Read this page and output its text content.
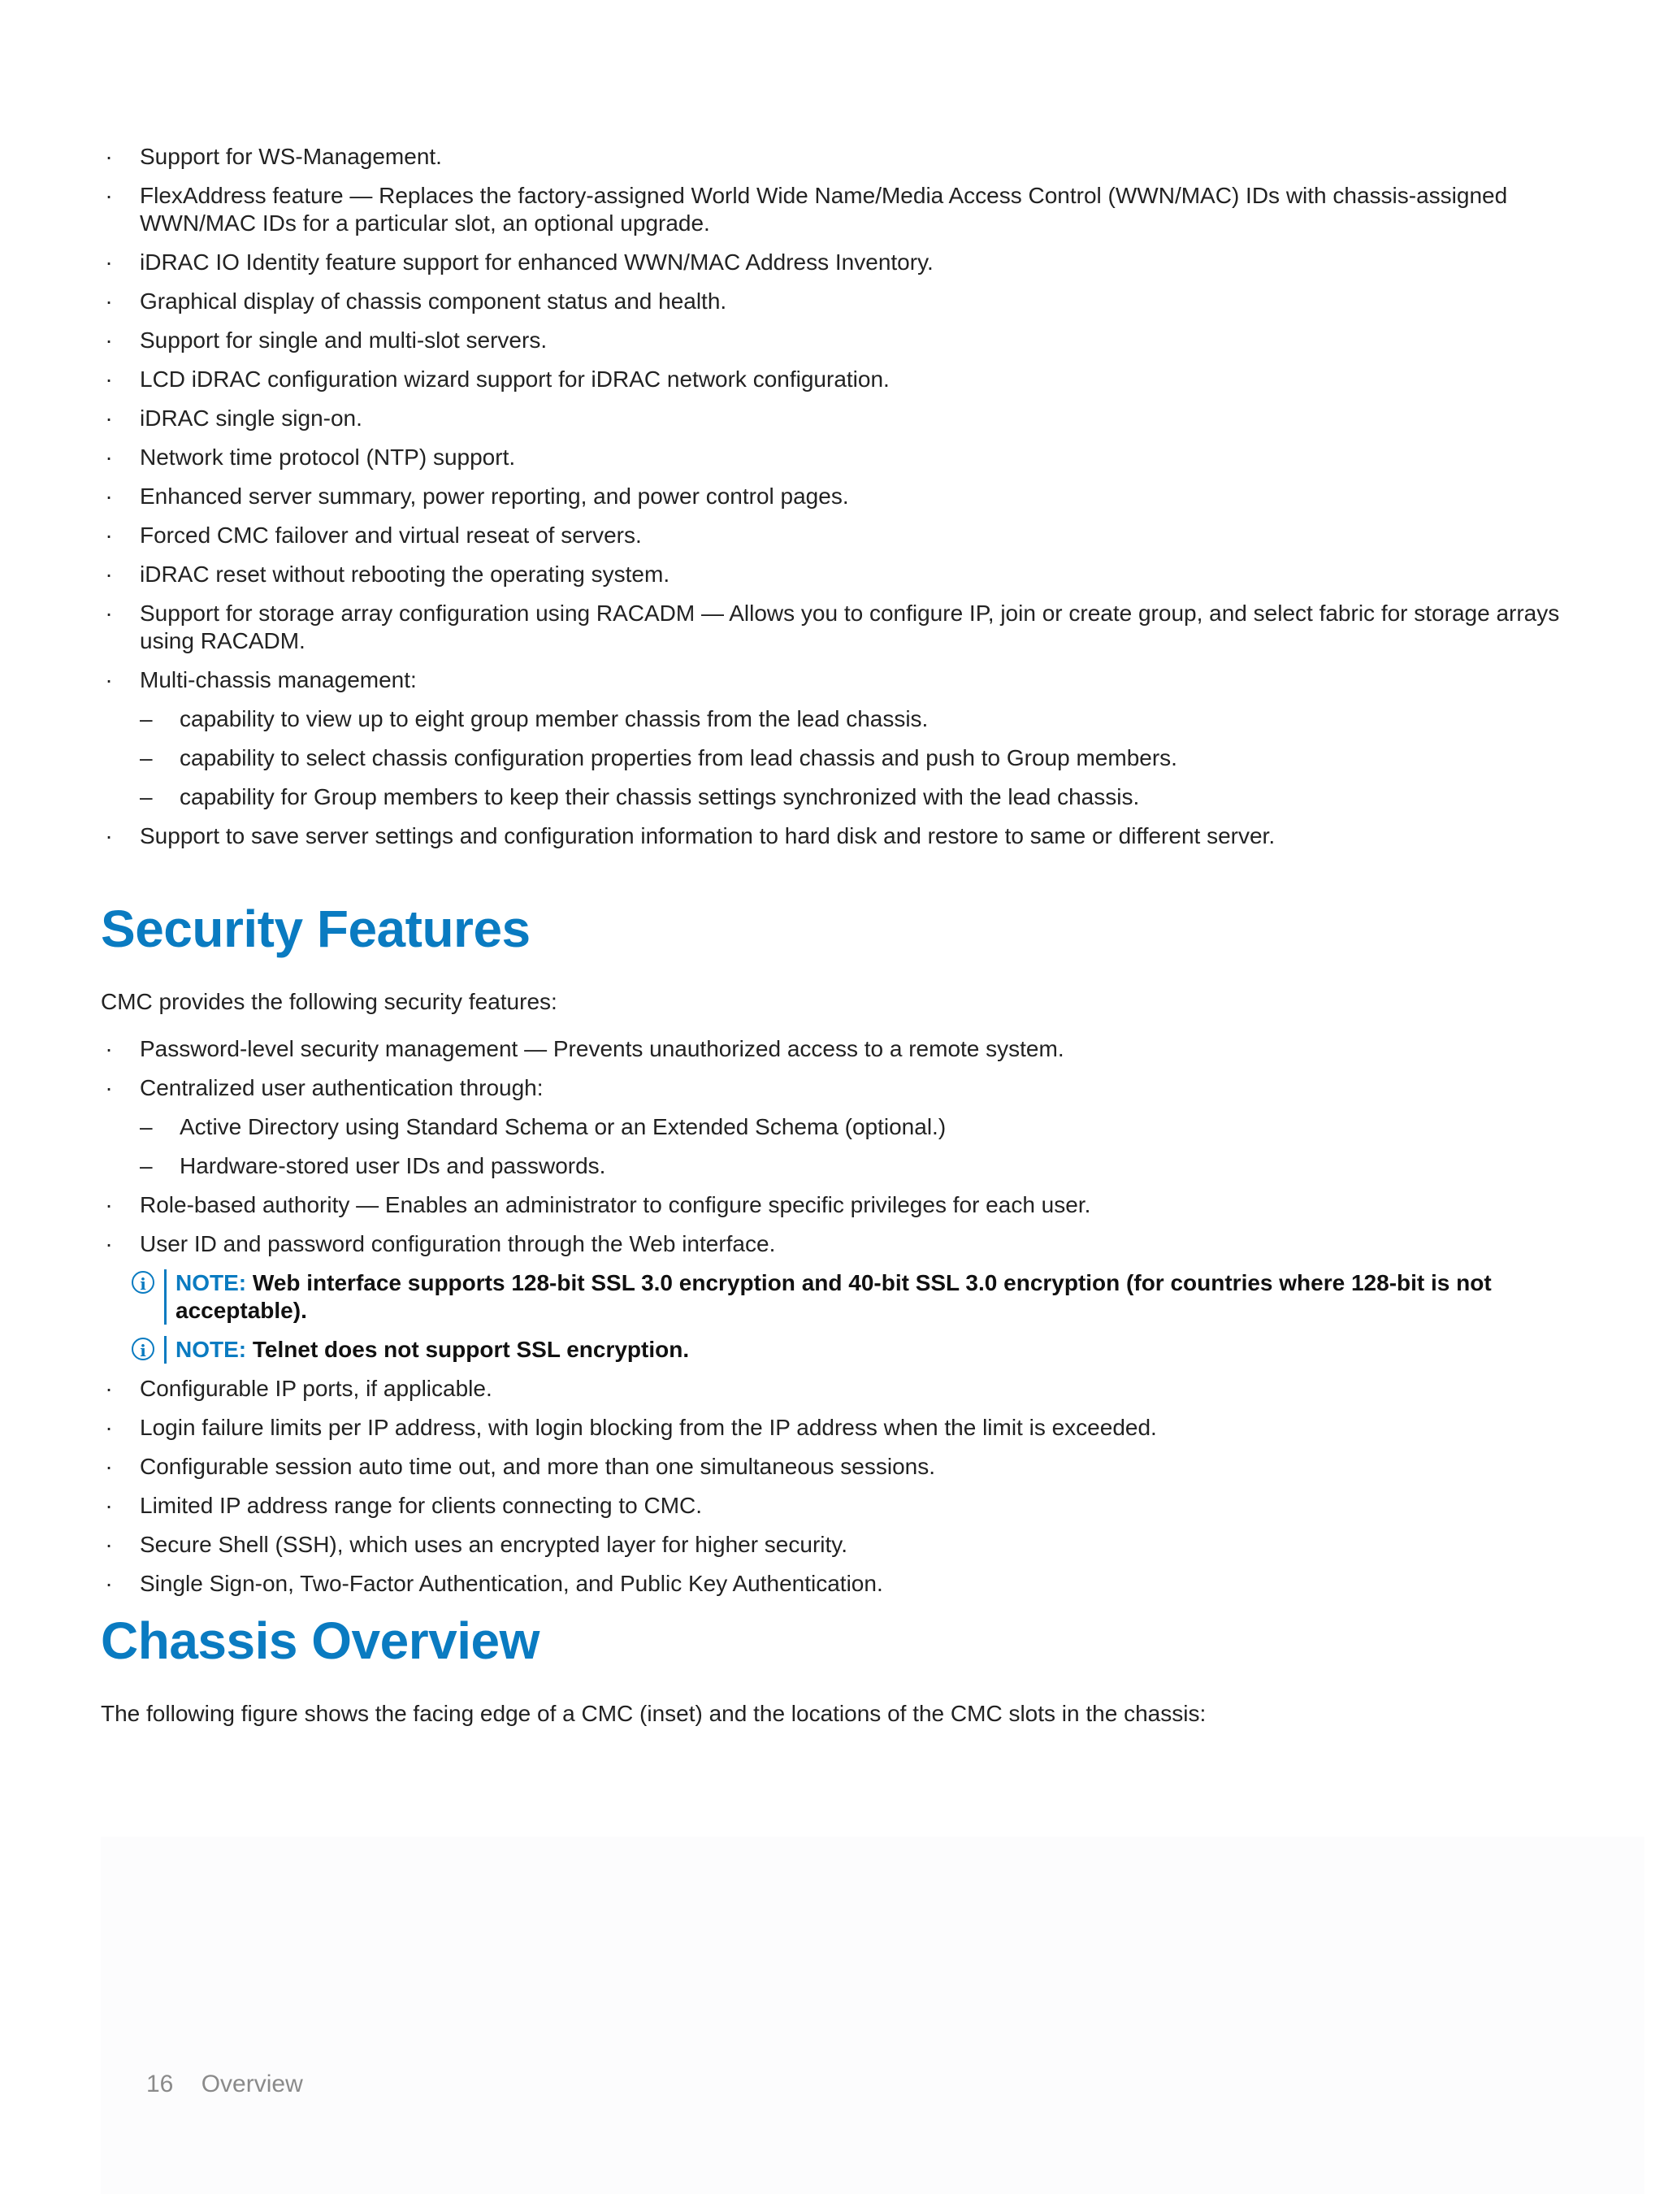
· Support for WS-Management.
· FlexAddress feature — Replaces the factory-assigned World Wide Name/Media Access Control (WWN/MAC) IDs with chassis-assigned WWN/MAC IDs for a particular slot, an optional upgrade.
· iDRAC IO Identity feature support for enhanced WWN/MAC Address Inventory.
· Graphical display of chassis component status and health.
· Support for single and multi-slot servers.
· LCD iDRAC configuration wizard support for iDRAC network configuration.
· iDRAC single sign-on.
· Network time protocol (NTP) support.
· Enhanced server summary, power reporting, and power control pages.
· Forced CMC failover and virtual reseat of servers.
· iDRAC reset without rebooting the operating system.
· Support for storage array configuration using RACADM — Allows you to configure IP, join or create group, and select fabric for storage arrays using RACADM.
· Multi-chassis management:
– capability to view up to eight group member chassis from the lead chassis.
– capability to select chassis configuration properties from lead chassis and push to Group members.
– capability for Group members to keep their chassis settings synchronized with the lead chassis.
· Support to save server settings and configuration information to hard disk and restore to same or different server.
Security Features
CMC provides the following security features:
· Password-level security management — Prevents unauthorized access to a remote system.
· Centralized user authentication through:
– Active Directory using Standard Schema or an Extended Schema (optional.)
– Hardware-stored user IDs and passwords.
· Role-based authority — Enables an administrator to configure specific privileges for each user.
· User ID and password configuration through the Web interface.
i	NOTE: Web interface supports 128-bit SSL 3.0 encryption and 40-bit SSL 3.0 encryption (for countries where 128-bit is not acceptable).
i	NOTE: Telnet does not support SSL encryption.
· Configurable IP ports, if applicable.
· Login failure limits per IP address, with login blocking from the IP address when the limit is exceeded.
· Configurable session auto time out, and more than one simultaneous sessions.
· Limited IP address range for clients connecting to CMC.
· Secure Shell (SSH), which uses an encrypted layer for higher security.
· Single Sign-on, Two-Factor Authentication, and Public Key Authentication.
Chassis Overview
The following figure shows the facing edge of a CMC (inset) and the locations of the CMC slots in the chassis:
16 Overview
